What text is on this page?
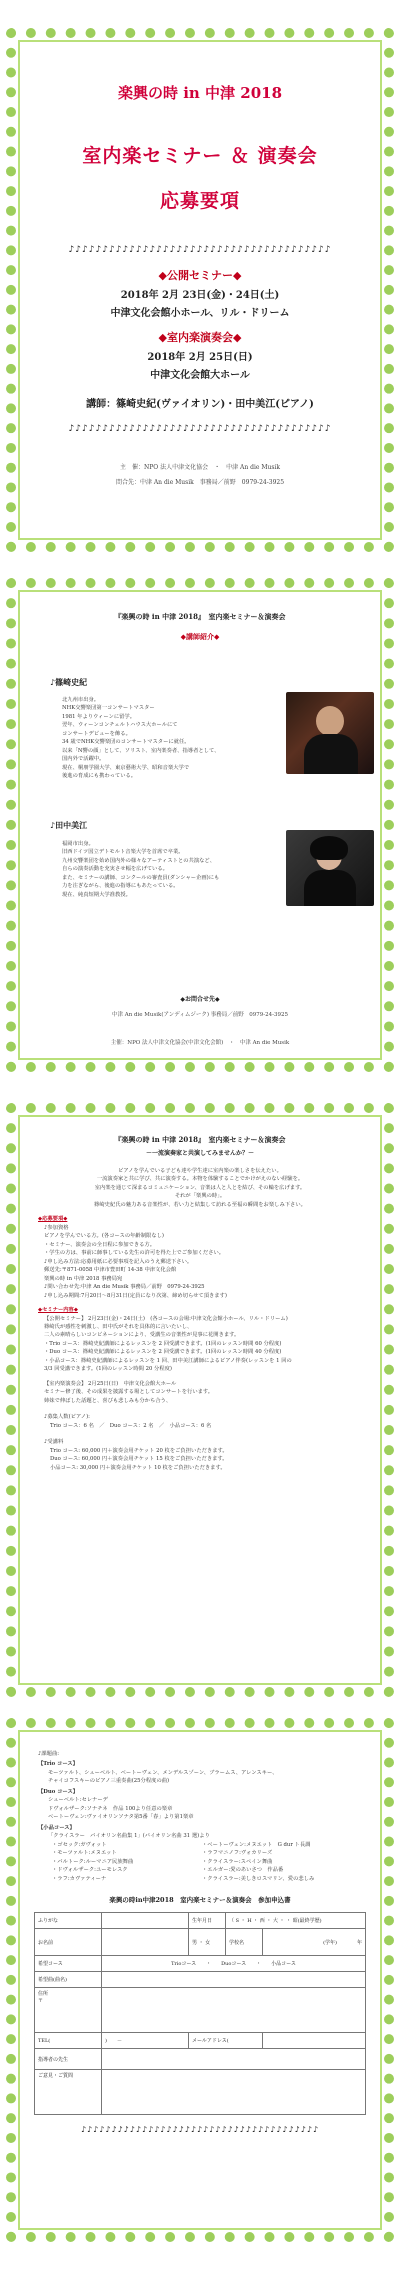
楽興の時 in 中津 2018
室内楽セミナー ＆ 演奏会
応募要項
♪♪♪♪♪♪♪♪♪♪♪♪♪♪♪♪♪♪♪♪♪♪♪♪♪♪♪♪♪♪♪♪♪♪♪♪♪♪♪
◆公開セミナー◆
2018年 2月 23日(金)・24日(土)
中津文化会館小ホール、リル・ドリーム
◆室内楽演奏会◆
2018年 2月 25日(日)
中津文化会館大ホール
講師：篠崎史紀(ヴァイオリン)・田中美江(ピアノ)
♪♪♪♪♪♪♪♪♪♪♪♪♪♪♪♪♪♪♪♪♪♪♪♪♪♪♪♪♪♪♪♪♪♪♪♪♪♪♪
主　催：NPO 法人中津文化協会　・　中津 An die Musik
問合先：中津 An die Musik　事務局／前野　0979-24-3925
『楽興の時 in 中津 2018』　室内楽セミナー＆演奏会
◆講師紹介◆
♪篠崎史紀
北九州市出身。
NHK交響楽団第一コンサートマスター
1981 年よりウィーンに留学。
翌年、ウィーンコンチェルトハウス大ホールにて
コンサートデビューを飾る。
34 歳でNHK交響楽団のコンサートマスターに就任。
以来「N響の顔」として、ソリスト、室内楽奏者、指導者として、
国内外で活躍中。
現在、桐朋学園大学、東京藝術大学、昭和音楽大学で
後進の育成にも携わっている。
♪田中美江
福岡市出身。
旧西ドイツ国立デトモルト音楽大学を首席で卒業。
九州交響楽団を始め国内外の様々なアーティストとの共演など、
自らの演奏活動を充実させ幅を広げている。
また、セミナーの講師、コンクールの審査員(ダンシャー企画)にも
力を注ぎながら、後進の指導にもあたっている。
現在、純真短期大学准教授。
◆お問合せ先◆
中津 An die Musik(アンディムジーク) 事務局／前野　0979-24-3925
主催：NPO 法人中津文化協会(中津文化会館)　・　中津 An die Musik
『楽興の時 in 中津 2018』　室内楽セミナー＆演奏会
－一流演奏家と共演してみませんか？－
ピアノを学んでいる子ども達や学生達に室内楽の楽しさを伝えたい。
一流演奏家と共に学び、共に演奏する。本物を体験することでかけがえのない経験を。
室内楽を通じて深まるコミュニケーション、音楽は人と人とを結び、その輪を広げます。
それが「楽興の時」。
篠崎史紀氏の魅力ある音楽性が、若い力と結集して訪れる至福の瞬間をお楽しみ下さい。
◆応募要項◆
♪参加資格
ピアノを学んでいる方。(各コースの年齢制限なし)
・セミナー、演奏会の全日程に参加できる方。
・学生の方は、事前に師事している先生の許可を得た上でご参加ください。
♪申し込み方法:応募用紙に必要事項を記入のうえ郵送下さい。
郵送先:〒871-0058 中津市豊田町 14-38 中津文化会館
楽興の時 in 中津 2018 事務局宛
♪問い合わせ先:中津 An die Musik 事務局／前野　0979-24-3925
♪申し込み期間:7月20日～8月31日(定員になり次第、締め切らせて頂きます)
◆セミナー内容◆
【公開セミナー】 2月23日(金)・24日(土)　(各コースの会場:中津文化会館小ホール、リル・ドリーム)
篠崎氏が感性を刺激し、田中氏がそれを具体的に言いたいし、
二人の素晴らしいコンビネーションにより、受講生の音楽性が見事に花開きます。
・Trio コース：篠崎史紀講師によるレッスンを 2 回受講できます。(1回のレッスン時間 60 分程度)
・Duo コース：篠崎史紀講師によるレッスンを 2 回受講できます。(1回のレッスン時間 40 分程度)
・小品コース：篠崎史紀講師によるレッスンを 1 回、田中美江講師によるピアノ伴奏(レッスンを 1 回の
3/3 回受講できます。(1回のレッスン時間 20 分程度)
【室内楽演奏会】 2月25日(日)　中津文化会館大ホール
セミナー修了後、その成果を披露する場としてコンサートを行います。
姉妹で伸ばした話題と、喜びも悲しみも分かち合う、
♪募集人数(ピアノ):
Trio コース：6 名　／　Duo コース：2 名　／　小品コース：6 名
♪受講料
Trio コース: 60,000 円＋演奏会用チケット 20 枚をご負担いただきます。
Duo コース: 60,000 円＋演奏会用チケット 15 枚をご負担いただきます。
小品コース: 30,000 円＋演奏会用チケット 10 枚をご負担いただきます。
♪課題曲:
【Trio コース】
モーツァルト、シューベルト、ベートーヴェン、メンデルスゾーン、ブラームス、アレンスキー、
チャイコフスキーのピアノ三重奏曲(25分程度の曲)
【Duo コース】
シューベルト:セレナーデ
ドヴォルザーク:ソナチネ　作品 100より任意の楽章
ベートーヴェン:ヴァイオリンソナタ第5番「春」より第1楽章
【小品コース】
「クライスラー　バイオリン名曲集 1」(バイオリン名曲 31 選)より
・ゴセック:ガヴォット
・モーツァルト:メヌエット
・バルトーク:ルーマニア民族舞曲
・ドヴォルザーク:ユーモレスク
・ラフ:カヴァティーナ
・ベートーヴェン:メヌエット　G dur ト長調
・ラフマニノフ:ヴォカリーズ
・クライスラー:スペイン舞曲
・エルガー:愛のあいさつ　作品番
・クライスラー:美しきロスマリン、愛の悲しみ
楽興の時in中津2018　室内楽セミナー＆演奏会　参加申込書
ふりがな		生年月日	（ S ・ H ・ 西 ・ 大 ・ ・ 昭(最終学歴)	
お名前		男 ・ 女	学校名	(学年)　　　　年
希望コース	Trioコース　　・　　Duoコース　　・　　小品コース			
希望曲(曲名)				
住所
〒				
TEL(	)　　－	メールアドレス(		
指導者の先生				
ご意見・ご質問				
♪♪♪♪♪♪♪♪♪♪♪♪♪♪♪♪♪♪♪♪♪♪♪♪♪♪♪♪♪♪♪♪♪♪♪♪♪♪♪
